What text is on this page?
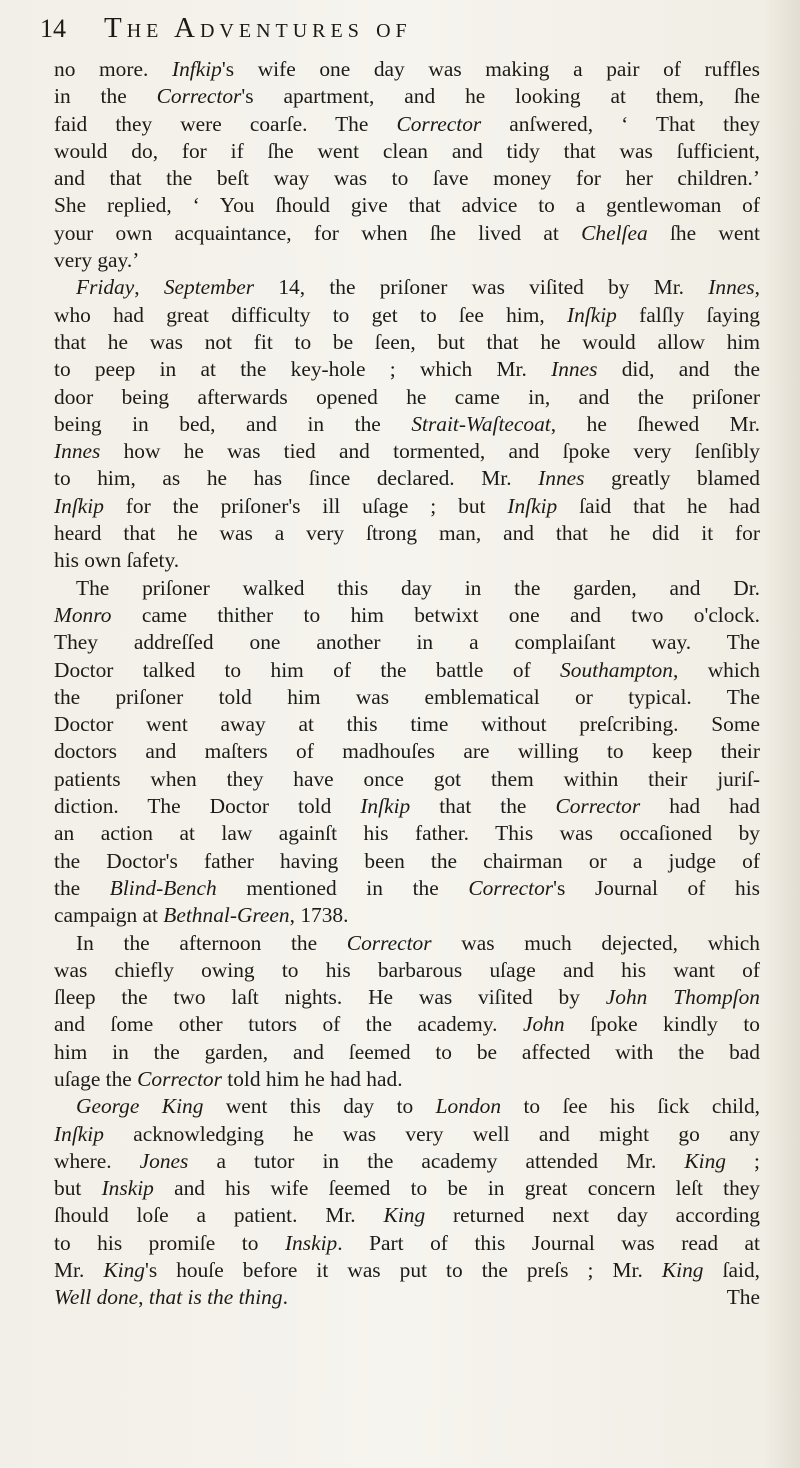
14 The Adventures of
no more. Infkip's wife one day was making a pair of ruffles
in the Corrector's apartment, and he looking at them, ſhe
faid they were coarſe. The Corrector anſwered, ‘ That they
would do, for if ſhe went clean and tidy that was ſufficient,
and that the beſt way was to ſave money for her children.’
She replied, ‘ You ſhould give that advice to a gentlewoman of
your own acquaintance, for when ſhe lived at Chelſea ſhe went
very gay.’
Friday, September 14, the priſoner was viſited by Mr. Innes,
who had great difficulty to get to ſee him, Inſkip falſly ſaying
that he was not fit to be ſeen, but that he would allow him
to peep in at the key-hole ; which Mr. Innes did, and the
door being afterwards opened he came in, and the priſoner
being in bed, and in the Strait-Waſtecoat, he ſhewed Mr.
Innes how he was tied and tormented, and ſpoke very ſenſibly
to him, as he has ſince declared. Mr. Innes greatly blamed
Inſkip for the priſoner's ill uſage ; but Inſkip ſaid that he had
heard that he was a very ſtrong man, and that he did it for
his own ſafety.
The priſoner walked this day in the garden, and Dr.
Monro came thither to him betwixt one and two o'clock.
They addreſſed one another in a complaiſant way. The
Doctor talked to him of the battle of Southampton, which
the priſoner told him was emblematical or typical. The
Doctor went away at this time without preſcribing. Some
doctors and maſters of madhouſes are willing to keep their
patients when they have once got them within their juriſ-
diction. The Doctor told Inſkip that the Corrector had had
an action at law againſt his father. This was occaſioned by
the Doctor's father having been the chairman or a judge of
the Blind-Bench mentioned in the Corrector's Journal of his
campaign at Bethnal-Green, 1738.
In the afternoon the Corrector was much dejected, which
was chiefly owing to his barbarous uſage and his want of
ſleep the two laſt nights. He was viſited by John Thompſon
and ſome other tutors of the academy. John ſpoke kindly to
him in the garden, and ſeemed to be affected with the bad
uſage the Corrector told him he had had.
George King went this day to London to ſee his ſick child,
Inſkip acknowledging he was very well and might go any
where. Jones a tutor in the academy attended Mr. King ;
but Inskip and his wife ſeemed to be in great concern leſt they
ſhould loſe a patient. Mr. King returned next day according
to his promiſe to Inskip. Part of this Journal was read at
Mr. King's houſe before it was put to the preſs ; Mr. King ſaid,
Well done, that is the thing.	The
